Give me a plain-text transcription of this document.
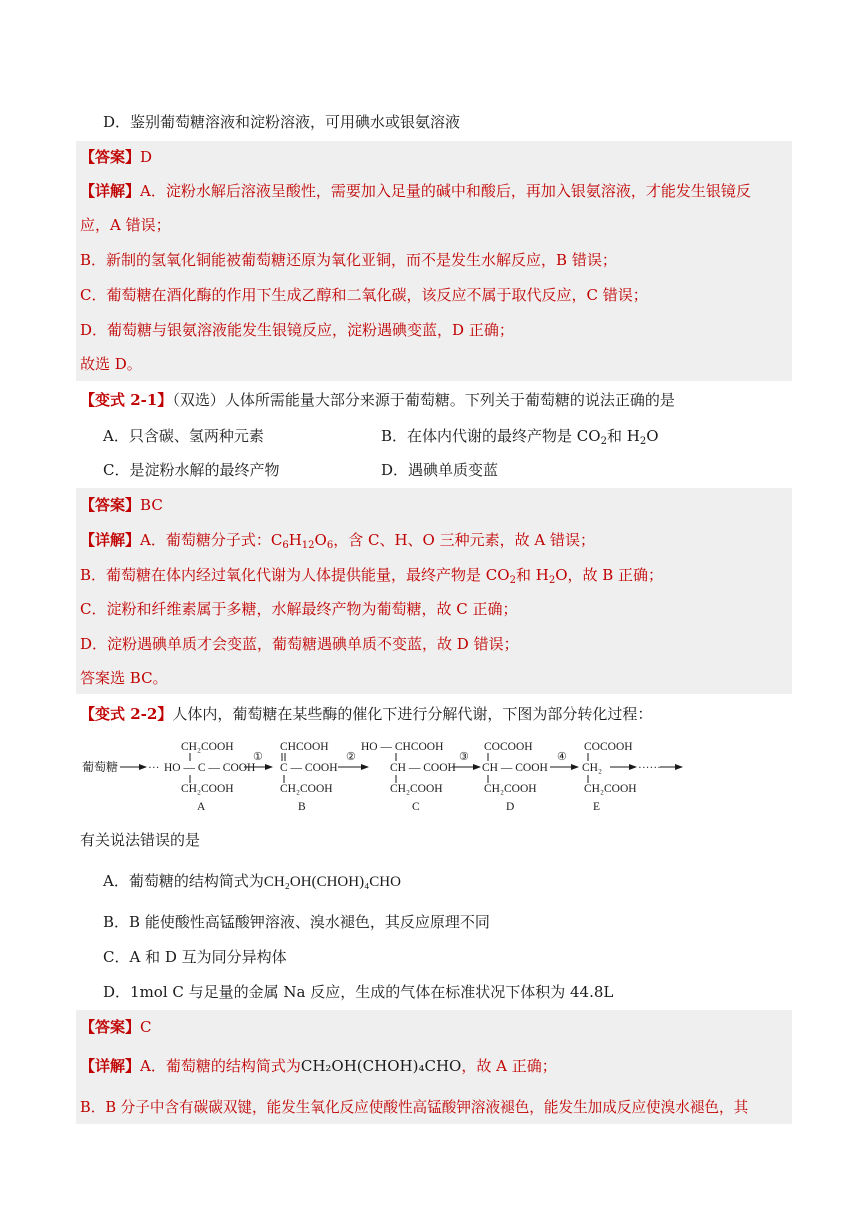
D．鉴别葡萄糖溶液和淀粉溶液，可用碘水或银氨溶液
【答案】D
【详解】A．淀粉水解后溶液呈酸性，需要加入足量的碱中和酸后，再加入银氨溶液，才能发生银镜反
应，A 错误；
B．新制的氢氧化铜能被葡萄糖还原为氧化亚铜，而不是发生水解反应，B 错误；
C．葡萄糖在酒化酶的作用下生成乙醇和二氧化碳，该反应不属于取代反应，C 错误；
D．葡萄糖与银氨溶液能发生银镜反应，淀粉遇碘变蓝，D 正确；
故选 D。
【变式 2-1】（双选）人体所需能量大部分来源于葡萄糖。下列关于葡萄糖的说法正确的是
A．只含碳、氢两种元素	B．在体内代谢的最终产物是 $CO_2$和 $H_2O$
C．是淀粉水解的最终产物	D．遇碘单质变蓝
【答案】BC
【详解】A．葡萄糖分子式：$C_6H_{12}O_6$，含 C、H、O 三种元素，故 A 错误；
B．葡萄糖在体内经过氧化代谢为人体提供能量，最终产物是 $CO_2$和 $H_2O$，故 B 正确；
C．淀粉和纤维素属于多糖，水解最终产物为葡萄糖，故 C 正确；
D．淀粉遇碘单质才会变蓝，葡萄糖遇碘单质不变蓝，故 D 错误；
答案选 BC。
【变式 2-2】人体内，葡萄糖在某些酶的催化下进行分解代谢，下图为部分转化过程：
葡萄糖	···
CH₂COOH
HO — C — COOH
CH₂COOH
A
①
CHCOOH
C — COOH
CH₂COOH
B
②
HO — CHCOOH
CH — COOH
CH₂COOH
C
③
COCOOH
CH — COOH
CH₂COOH
D
④
COCOOH
CH₂
CH₂COOH
E
······
有关说法错误的是
A．葡萄糖的结构简式为CH₂OH(CHOH)₄CHO
B．B 能使酸性高锰酸钾溶液、溴水褪色，其反应原理不同
C．A 和 D 互为同分异构体
D．1mol C 与足量的金属 Na 反应，生成的气体在标准状况下体积为 44.8L
【答案】C
【详解】A．葡萄糖的结构简式为CH₂OH(CHOH)₄CHO，故 A 正确；
B．B 分子中含有碳碳双键，能发生氧化反应使酸性高锰酸钾溶液褪色，能发生加成反应使溴水褪色，其
